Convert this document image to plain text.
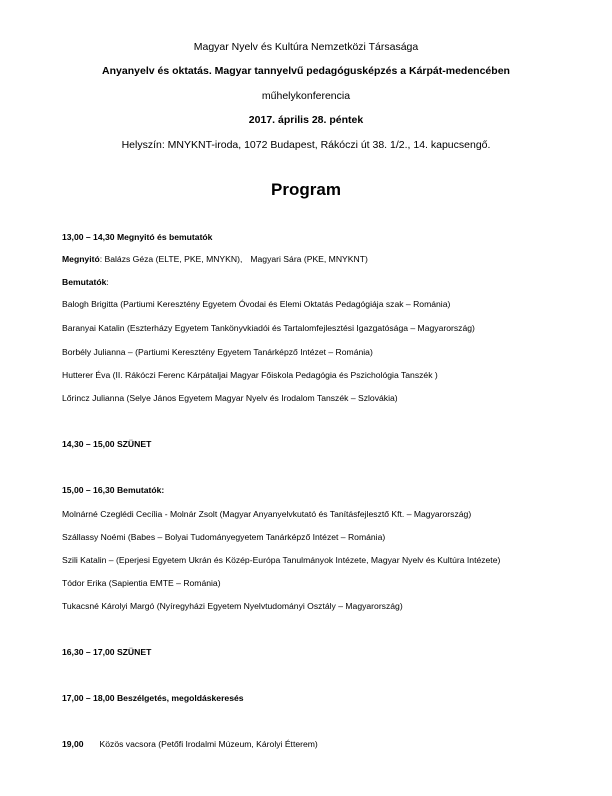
Magyar Nyelv és Kultúra Nemzetközi Társasága
Anyanyelv és oktatás. Magyar tannyelvű pedagógusképzés a Kárpát-medencében
műhelykonferencia
2017. április 28. péntek
Helyszín: MNYKNT-iroda, 1072 Budapest, Rákóczi út 38. 1/2., 14. kapucsengő.
Program
13,00 – 14,30 Megnyitó és bemutatók
Megnyitó: Balázs Géza (ELTE, PKE, MNYKN), Magyari Sára (PKE, MNYKNT)
Bemutatók:
Balogh Brigitta (Partiumi Keresztény Egyetem Óvodai és Elemi Oktatás Pedagógiája szak – Románia)
Baranyai Katalin (Eszterházy Egyetem Tankönyvkiadói és Tartalomfejlesztési Igazgatósága – Magyarország)
Borbély Julianna – (Partiumi Keresztény Egyetem Tanárképző Intézet – Románia)
Hutterer Éva (II. Rákóczi Ferenc Kárpátaljai Magyar Főiskola Pedagógia és Pszichológia Tanszék )
Lőrincz Julianna (Selye János Egyetem Magyar Nyelv és Irodalom Tanszék – Szlovákia)
14,30 – 15,00 SZÜNET
15,00 – 16,30 Bemutatók:
Molnárné Czeglédi Cecília - Molnár Zsolt (Magyar Anyanyelvkutató és Tanításfejlesztő Kft. – Magyarország)
Szállassy Noémi (Babes – Bolyai Tudományegyetem Tanárképző Intézet – Románia)
Szili Katalin – (Eperjesi Egyetem Ukrán és Közép-Európa Tanulmányok Intézete, Magyar Nyelv és Kultúra Intézete)
Tódor Erika (Sapientia EMTE – Románia)
Tukacsné Károlyi Margó (Nyíregyházi Egyetem Nyelvtudományi Osztály – Magyarország)
16,30 – 17,00 SZÜNET
17,00 – 18,00 Beszélgetés, megoldáskeresés
19,00 Közös vacsora (Petőfi Irodalmi Múzeum, Károlyi Étterem)
